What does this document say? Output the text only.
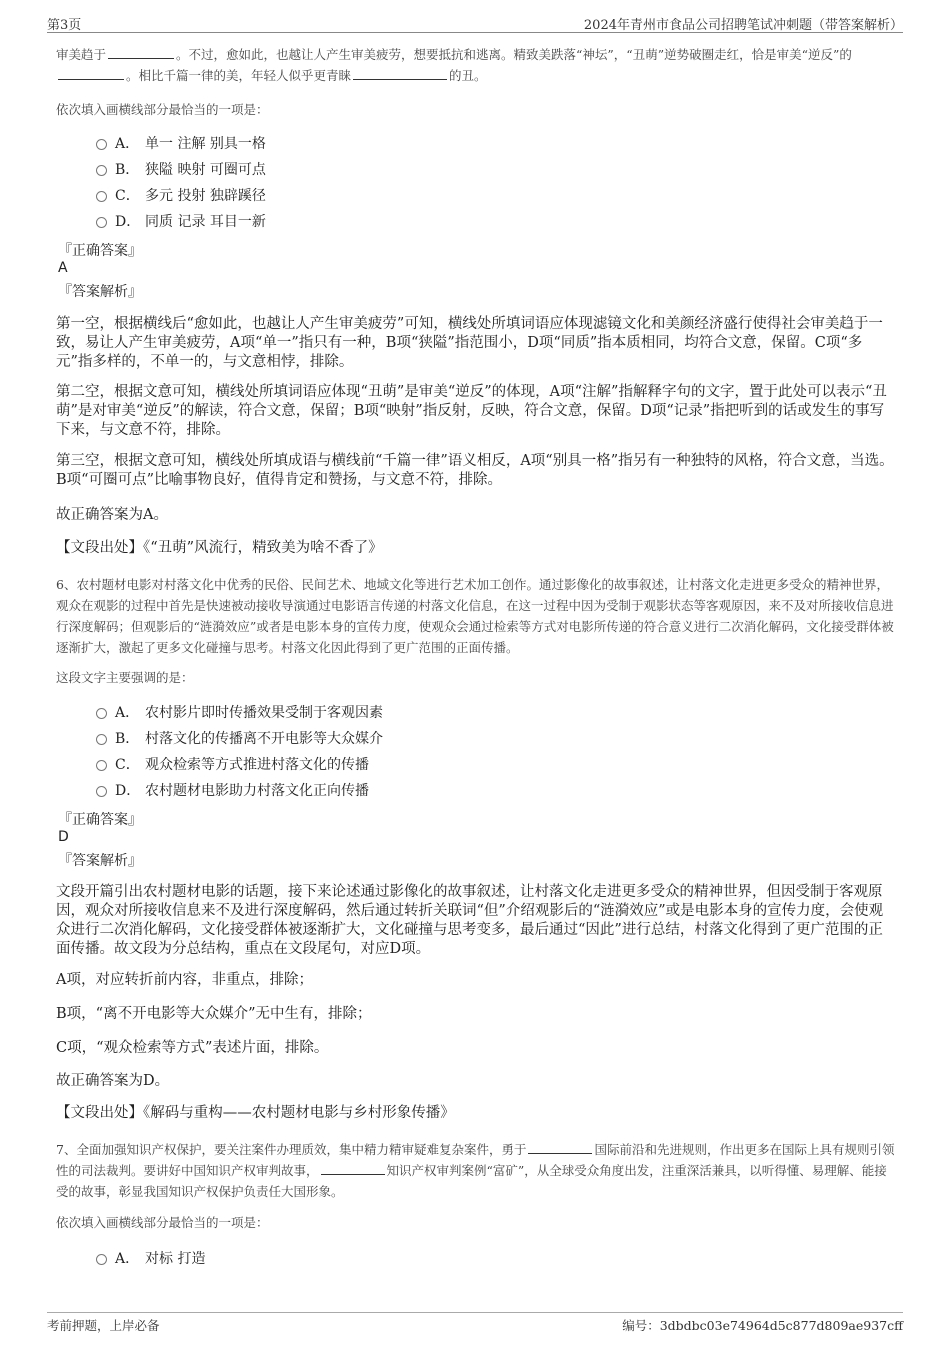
第3页	2024年青州市食品公司招聘笔试冲刺题（带答案解析）
审美趋于	。不过，愈如此，也越让人产生审美疲劳，想要抵抗和逃离。精致美跌落“神坛”，“丑萌”逆势破圈走红，恰是审美“逆反”的。相比千篇一律的美，年轻人似乎更青睐	的丑。
依次填入画横线部分最恰当的一项是：
A． 单一 注解 别具一格
B． 狭隘 映射 可圈可点
C． 多元 投射 独辟蹊径
D． 同质 记录 耳目一新
『正确答案』
A
『答案解析』
第一空，根据横线后“愈如此，也越让人产生审美疲劳”可知，横线处所填词语应体现滤镜文化和美颜经济盛行使得社会审美趋于一致，易让人产生审美疲劳，A项“单一”指只有一种，B项“狭隘”指范围小，D项“同质”指本质相同，均符合文意，保留。C项“多元”指多样的，不单一的，与文意相悖，排除。
第二空，根据文意可知，横线处所填词语应体现“丑萌”是审美“逆反”的体现，A项“注解”指解释字句的文字，置于此处可以表示“丑萌”是对审美“逆反”的解读，符合文意，保留；B项“映射”指反射，反映，符合文意，保留。D项“记录”指把听到的话或发生的事写下来，与文意不符，排除。
第三空，根据文意可知，横线处所填成语与横线前“千篇一律”语义相反，A项“别具一格”指另有一种独特的风格，符合文意，当选。B项“可圈可点”比喻事物良好，值得肯定和赞扬，与文意不符，排除。
故正确答案为A。
【文段出处】《“丑萌”风流行，精致美为啥不香了》
6、农村题材电影对村落文化中优秀的民俗、民间艺术、地域文化等进行艺术加工创作。通过影像化的故事叙述，让村落文化走进更多受众的精神世界，观众在观影的过程中首先是快速被动接收导演通过电影语言传递的村落文化信息，在这一过程中因为受制于观影状态等客观原因，来不及对所接收信息进行深度解码；但观影后的“涟漪效应”或者是电影本身的宣传力度，使观众会通过检索等方式对电影所传递的符合意义进行二次消化解码，文化接受群体被逐渐扩大，激起了更多文化碰撞与思考。村落文化因此得到了更广范围的正面传播。
这段文字主要强调的是：
A． 农村影片即时传播效果受制于客观因素
B． 村落文化的传播离不开电影等大众媒介
C． 观众检索等方式推进村落文化的传播
D． 农村题材电影助力村落文化正向传播
『正确答案』
D
『答案解析』
文段开篇引出农村题材电影的话题，接下来论述通过影像化的故事叙述，让村落文化走进更多受众的精神世界，但因受制于客观原因，观众对所接收信息来不及进行深度解码，然后通过转折关联词“但”介绍观影后的“涟漪效应”或是电影本身的宣传力度，会使观众进行二次消化解码，文化接受群体被逐渐扩大，文化碰撞与思考变多，最后通过“因此”进行总结，村落文化得到了更广范围的正面传播。故文段为分总结构，重点在文段尾句，对应D项。
A项，对应转折前内容，非重点，排除；
B项，“离不开电影等大众媒介”无中生有，排除；
C项，“观众检索等方式”表述片面，排除。
故正确答案为D。
【文段出处】《解码与重构——农村题材电影与乡村形象传播》
7、全面加强知识产权保护，要关注案件办理质效，集中精力精审疑难复杂案件，勇于	国际前沿和先进规则，作出更多在国际上具有规则引领性的司法裁判。要讲好中国知识产权审判故事，	知识产权审判案例“富矿”，从全球受众角度出发，注重深活兼具，以听得懂、易理解、能接受的故事，彰显我国知识产权保护负责任大国形象。
依次填入画横线部分最恰当的一项是：
A． 对标 打造
考前押题，上岸必备	编号：3dbdbc03e74964d5c877d809ae937cff
